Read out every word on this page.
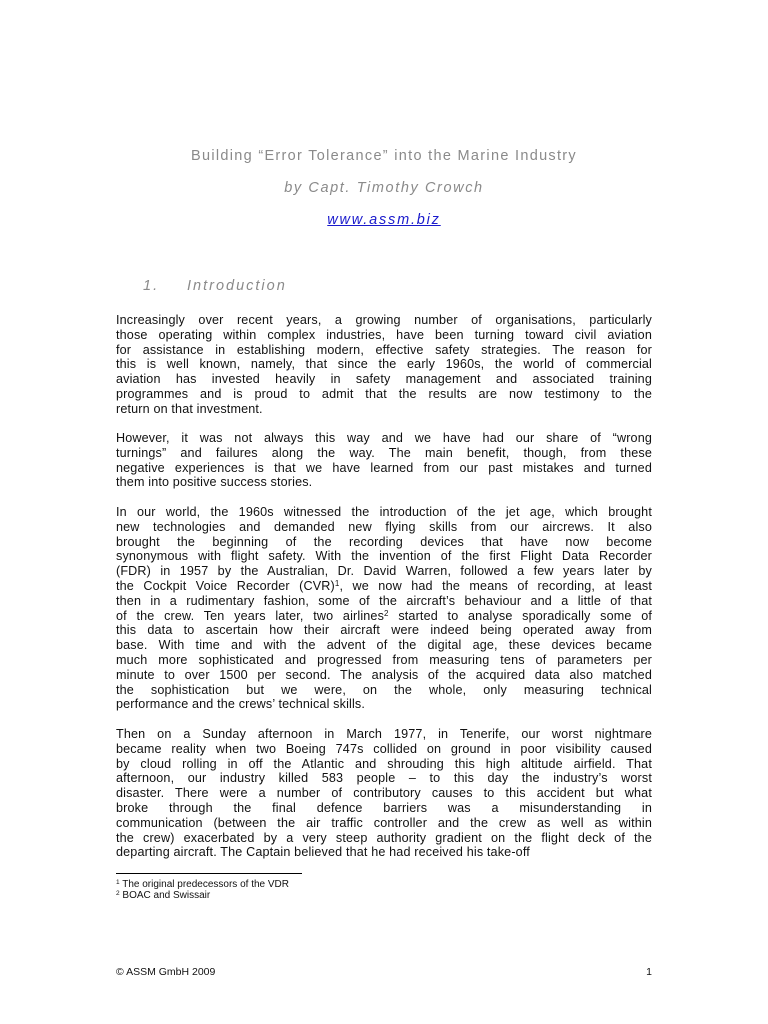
Building “Error Tolerance” into the Marine Industry
by Capt. Timothy Crowch
www.assm.biz
1. Introduction
Increasingly over recent years, a growing number of organisations, particularly
those operating within complex industries, have been turning toward civil aviation
for assistance in establishing modern, effective safety strategies. The reason for
this is well known, namely, that since the early 1960s, the world of commercial
aviation has invested heavily in safety management and associated training
programmes and is proud to admit that the results are now testimony to the
return on that investment.
However, it was not always this way and we have had our share of “wrong
turnings” and failures along the way. The main benefit, though, from these
negative experiences is that we have learned from our past mistakes and turned
them into positive success stories.
In our world, the 1960s witnessed the introduction of the jet age, which brought
new technologies and demanded new flying skills from our aircrews. It also
brought the beginning of the recording devices that have now become
synonymous with flight safety. With the invention of the first Flight Data Recorder
(FDR) in 1957 by the Australian, Dr. David Warren, followed a few years later by
the Cockpit Voice Recorder (CVR)$^1$, we now had the means of recording, at least
then in a rudimentary fashion, some of the aircraft’s behaviour and a little of that
of the crew. Ten years later, two airlines$^2$ started to analyse sporadically some of
this data to ascertain how their aircraft were indeed being operated away from
base. With time and with the advent of the digital age, these devices became
much more sophisticated and progressed from measuring tens of parameters per
minute to over 1500 per second. The analysis of the acquired data also matched
the sophistication but we were, on the whole, only measuring technical
performance and the crews’ technical skills.
Then on a Sunday afternoon in March 1977, in Tenerife, our worst nightmare
became reality when two Boeing 747s collided on ground in poor visibility caused
by cloud rolling in off the Atlantic and shrouding this high altitude airfield. That
afternoon, our industry killed 583 people – to this day the industry’s worst
disaster. There were a number of contributory causes to this accident but what
broke through the final defence barriers was a misunderstanding in
communication (between the air traffic controller and the crew as well as within
the crew) exacerbated by a very steep authority gradient on the flight deck of the
departing aircraft. The Captain believed that he had received his take-off
$^1$ The original predecessors of the VDR
$^2$ BOAC and Swissair
© ASSM GmbH 2009	1
